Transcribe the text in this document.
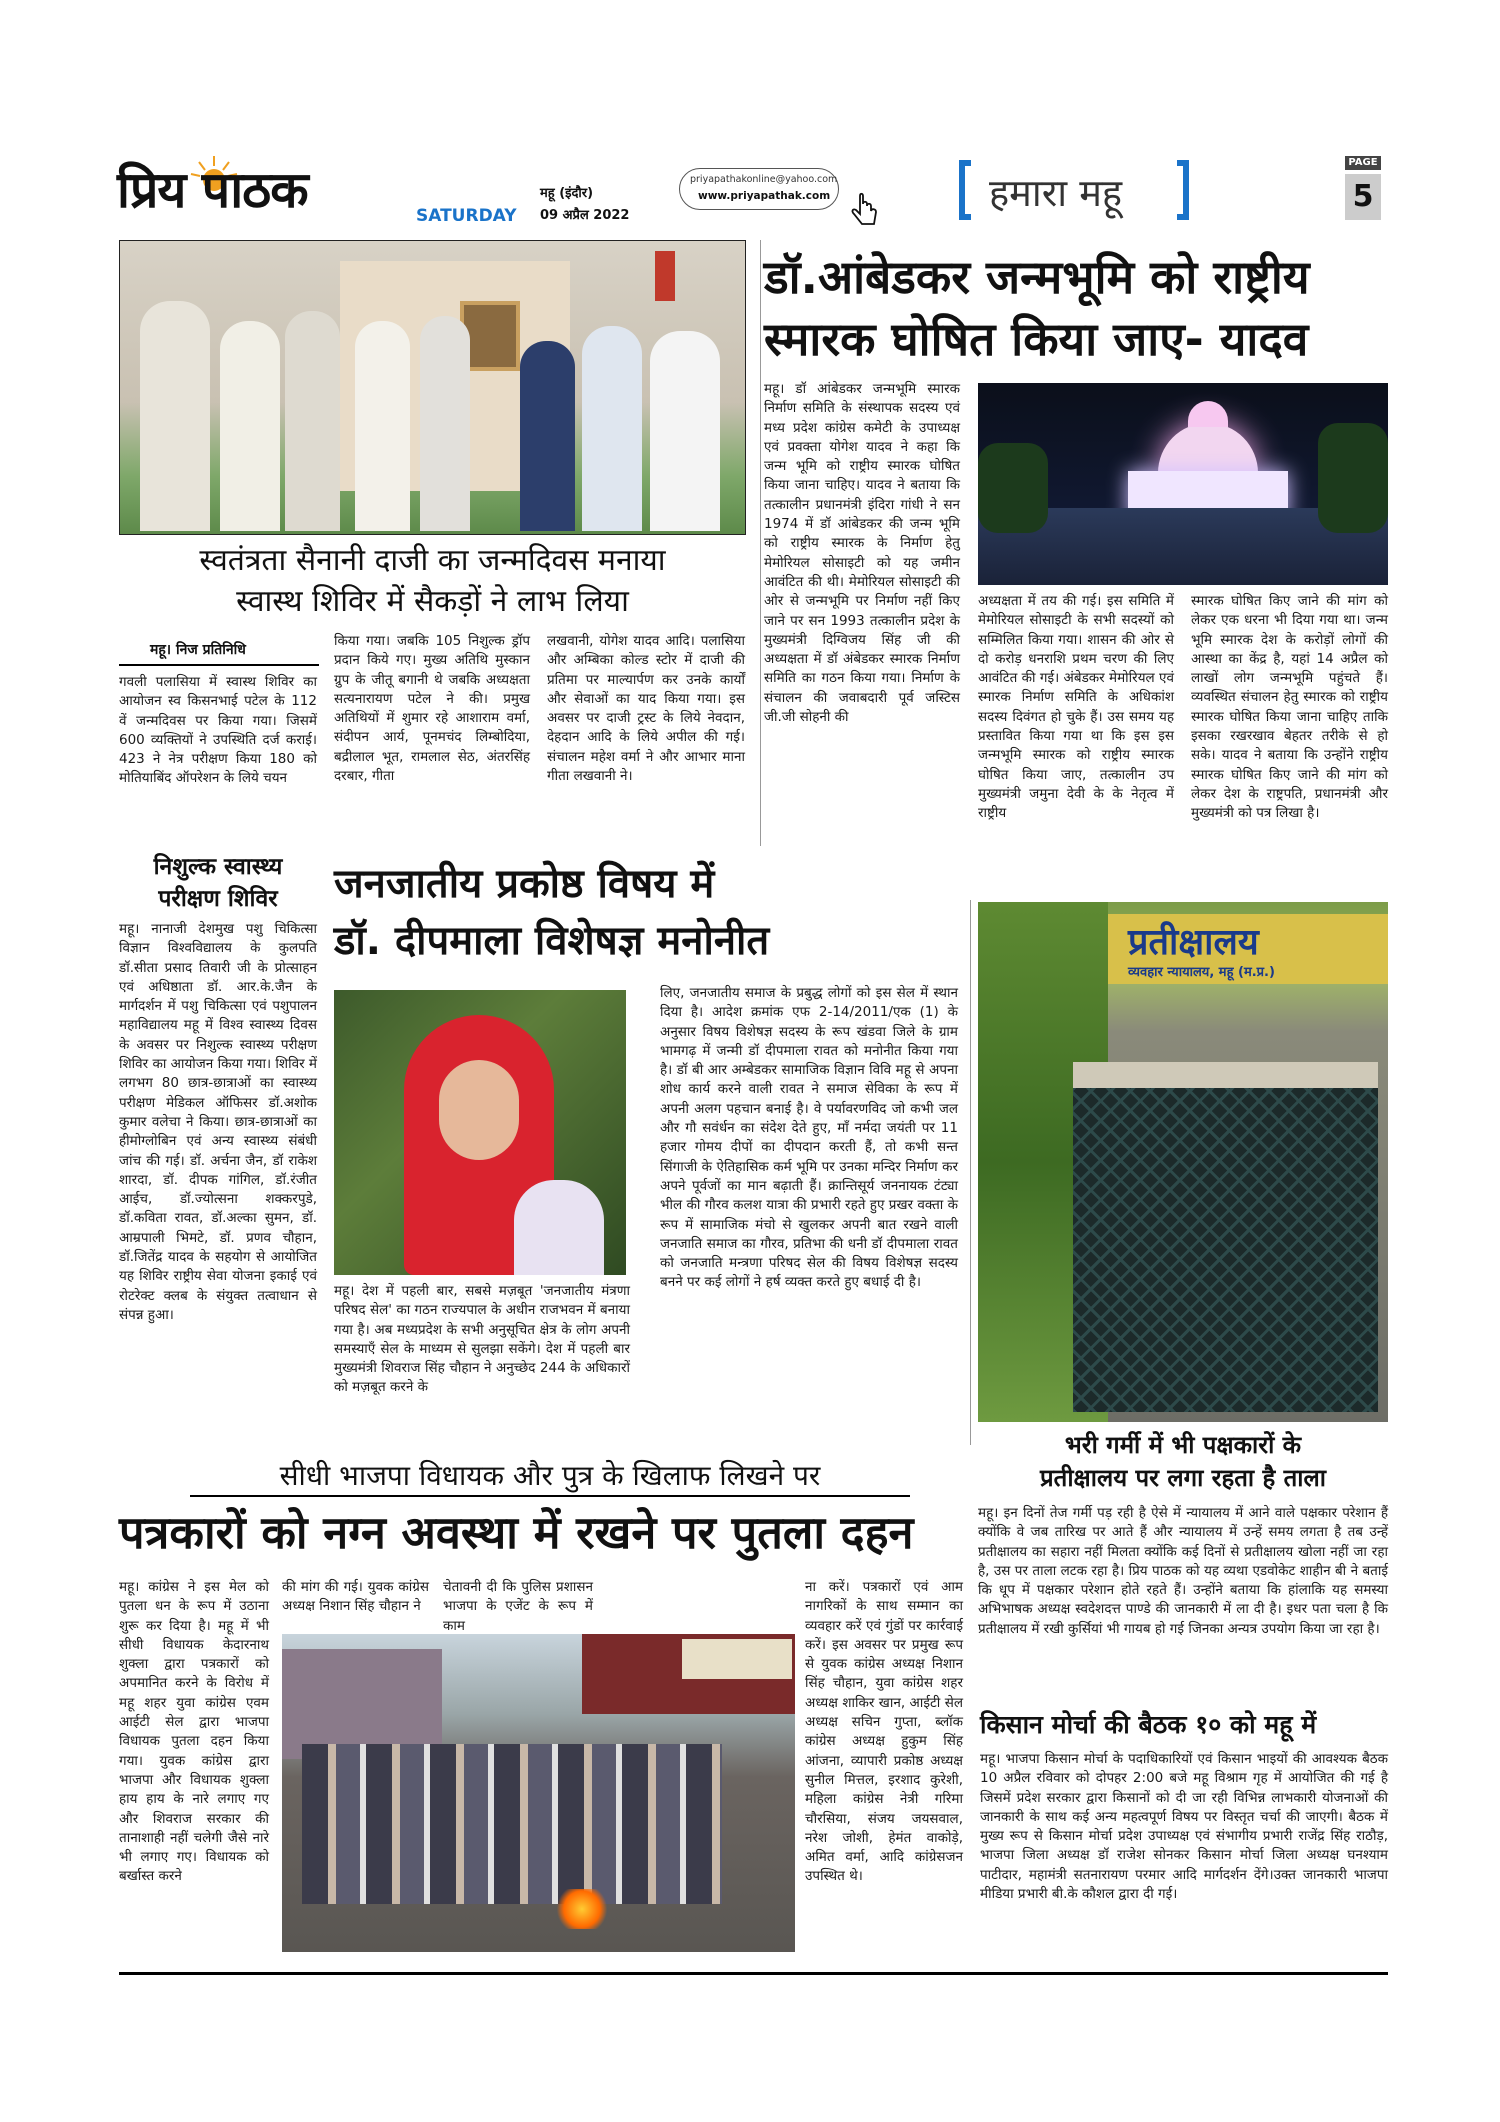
प्रिय पाठक	SATURDAY
महू (इंदौर)
09 अप्रैल 2022
priyapathakonline@yahoo.com
www.priyapathak.com	हमारा महू
PAGE
5
स्वतंत्रता सैनानी दाजी का जन्मदिवस मनाया
स्वास्थ शिविर में सैकड़ों ने लाभ लिया
महू। निज प्रतिनिधि
गवली पलासिया में स्वास्थ शिविर का आयोजन स्व किसनभाई पटेल के 112 वें जन्मदिवस पर किया गया। जिसमें 600 व्यक्तियों ने उपस्थिति दर्ज कराई। 423 ने नेत्र परीक्षण किया 180 को मोतियाबिंद ऑपरेशन के लिये चयन
किया गया। जबकि 105 निशुल्क ड्रॉप प्रदान किये गए। मुख्य अतिथि मुस्कान ग्रुप के जीतू बगानी थे जबकि अध्यक्षता सत्यनारायण पटेल ने की। प्रमुख अतिथियों में शुमार रहे आशाराम वर्मा, संदीपन आर्य, पूनमचंद लिम्बोदिया, बद्रीलाल भूत, रामलाल सेठ, अंतरसिंह दरबार, गीता
लखवानी, योगेश यादव आदि। पलासिया और अम्बिका कोल्ड स्टोर में दाजी की प्रतिमा पर माल्यार्पण कर उनके कार्यों और सेवाओं का याद किया गया। इस अवसर पर दाजी ट्रस्ट के लिये नेवदान, देहदान आदि के लिये अपील की गई। संचालन महेश वर्मा ने और आभार माना गीता लखवानी ने।
डॉ.आंबेडकर जन्मभूमि को राष्ट्रीय
स्मारक घोषित किया जाए- यादव
महू। डॉ आंबेडकर जन्मभूमि स्मारक निर्माण समिति के संस्थापक सदस्य एवं मध्य प्रदेश कांग्रेस कमेटी के उपाध्यक्ष एवं प्रवक्ता योगेश यादव ने कहा कि जन्म भूमि को राष्ट्रीय स्मारक घोषित किया जाना चाहिए। यादव ने बताया कि तत्कालीन प्रधानमंत्री इंदिरा गांधी ने सन 1974 में डॉ आंबेडकर की जन्म भूमि को राष्ट्रीय स्मारक के निर्माण हेतु मेमोरियल सोसाइटी को यह जमीन आवंटित की थी। मेमोरियल सोसाइटी की ओर से जन्मभूमि पर निर्माण नहीं किए जाने पर सन 1993 तत्कालीन प्रदेश के मुख्यमंत्री दिग्विजय सिंह जी की अध्यक्षता में डॉ अंबेडकर स्मारक निर्माण समिति का गठन किया गया। निर्माण के संचालन की जवाबदारी पूर्व जस्टिस जी.जी सोहनी की
अध्यक्षता में तय की गई। इस समिति में मेमोरियल सोसाइटी के सभी सदस्यों को सम्मिलित किया गया। शासन की ओर से दो करोड़ धनराशि प्रथम चरण की लिए आवंटित की गई। अंबेडकर मेमोरियल एवं स्मारक निर्माण समिति के अधिकांश सदस्य दिवंगत हो चुके हैं। उस समय यह प्रस्तावित किया गया था कि इस इस जन्मभूमि स्मारक को राष्ट्रीय स्मारक घोषित किया जाए, तत्कालीन उप मुख्यमंत्री जमुना देवी के के नेतृत्व में राष्ट्रीय
स्मारक घोषित किए जाने की मांग को लेकर एक धरना भी दिया गया था। जन्म भूमि स्मारक देश के करोड़ों लोगों की आस्था का केंद्र है, यहां 14 अप्रैल को लाखों लोग जन्मभूमि पहुंचते हैं। व्यवस्थित संचालन हेतु स्मारक को राष्ट्रीय स्मारक घोषित किया जाना चाहिए ताकि इसका रखरखाव बेहतर तरीके से हो सके। यादव ने बताया कि उन्होंने राष्ट्रीय स्मारक घोषित किए जाने की मांग को लेकर देश के राष्ट्रपति, प्रधानमंत्री और मुख्यमंत्री को पत्र लिखा है।
निशुल्क स्वास्थ्य
परीक्षण शिविर
महू। नानाजी देशमुख पशु चिकित्सा विज्ञान विश्वविद्यालय के कुलपति डॉ.सीता प्रसाद तिवारी जी के प्रोत्साहन एवं अधिष्ठाता डॉ. आर.के.जैन के मार्गदर्शन में पशु चिकित्सा एवं पशुपालन महाविद्यालय महू में विश्व स्वास्थ्य दिवस के अवसर पर निशुल्क स्वास्थ्य परीक्षण शिविर का आयोजन किया गया। शिविर में लगभग 80 छात्र-छात्राओं का स्वास्थ्य परीक्षण मेडिकल ऑफिसर डॉ.अशोक कुमार वलेचा ने किया। छात्र-छात्राओं का हीमोग्लोबिन एवं अन्य स्वास्थ्य संबंधी जांच की गई। डॉ. अर्चना जैन, डॉ राकेश शारदा, डॉ. दीपक गांगिल, डॉ.रंजीत आईच, डॉ.ज्योत्सना शक्करपुडे, डॉ.कविता रावत, डॉ.अल्का सुमन, डॉ. आम्रपाली भिमटे, डॉ. प्रणव चौहान, डॉ.जितेंद्र यादव के सहयोग से आयोजित यह शिविर राष्ट्रीय सेवा योजना इकाई एवं रोटरेक्ट क्लब के संयुक्त तत्वाधान से संपन्न हुआ।
जनजातीय प्रकोष्ठ विषय में
डॉ. दीपमाला विशेषज्ञ मनोनीत
महू। देश में पहली बार, सबसे मज़बूत 'जनजातीय मंत्रणा परिषद सेल' का गठन राज्यपाल के अधीन राजभवन में बनाया गया है। अब मध्यप्रदेश के सभी अनुसूचित क्षेत्र के लोग अपनी समस्याएँ सेल के माध्यम से सुलझा सकेंगे। देश में पहली बार मुख्यमंत्री शिवराज सिंह चौहान ने अनुच्छेद 244 के अधिकारों को मज़बूत करने के
लिए, जनजातीय समाज के प्रबुद्ध लोगों को इस सेल में स्थान दिया है। आदेश क्रमांक एफ 2-14/2011/एक (1) के अनुसार विषय विशेषज्ञ सदस्य के रूप खंडवा जिले के ग्राम भामगढ़ में जन्मी डॉ दीपमाला रावत को मनोनीत किया गया है। डॉ बी आर अम्बेडकर सामाजिक विज्ञान विवि महू से अपना शोध कार्य करने वाली रावत ने समाज सेविका के रूप में अपनी अलग पहचान बनाई है। वे पर्यावरणविद जो कभी जल और गौ सवंर्धन का संदेश देते हुए, माँ नर्मदा जयंती पर 11 हजार गोमय दीपों का दीपदान करती हैं, तो कभी सन्त सिंगाजी के ऐतिहासिक कर्म भूमि पर उनका मन्दिर निर्माण कर अपने पूर्वजों का मान बढ़ाती हैं। क्रान्तिसूर्य जननायक टंट्या भील की गौरव कलश यात्रा की प्रभारी रहते हुए प्रखर वक्ता के रूप में सामाजिक मंचो से खुलकर अपनी बात रखने वाली जनजाति समाज का गौरव, प्रतिभा की धनी डॉ दीपमाला रावत को जनजाति मन्त्रणा परिषद सेल की विषय विशेषज्ञ सदस्य बनने पर कई लोगों ने हर्ष व्यक्त करते हुए बधाई दी है।
प्रतीक्षालय
व्यवहार न्यायालय, महू (म.प्र.)
भरी गर्मी में भी पक्षकारों के
प्रतीक्षालय पर लगा रहता है ताला
महू। इन दिनों तेज गर्मी पड़ रही है ऐसे में न्यायालय में आने वाले पक्षकार परेशान हैं क्योंकि वे जब तारिख पर आते हैं और न्यायालय में उन्हें समय लगता है तब उन्हें प्रतीक्षालय का सहारा नहीं मिलता क्योंकि कई दिनों से प्रतीक्षालय खोला नहीं जा रहा है, उस पर ताला लटक रहा है। प्रिय पाठक को यह व्यथा एडवोकेट शाहीन बी ने बताई कि धूप में पक्षकार परेशान होते रहते हैं। उन्होंने बताया कि हांलाकि यह समस्या अभिभाषक अध्यक्ष स्वदेशदत्त पाण्डे की जानकारी में ला दी है। इधर पता चला है कि प्रतीक्षालय में रखी कुर्सियां भी गायब हो गई जिनका अन्यत्र उपयोग किया जा रहा है।
सीधी भाजपा विधायक और पुत्र के खिलाफ लिखने पर
पत्रकारों को नग्न अवस्था में रखने पर पुतला दहन
महू। कांग्रेस ने इस मेल को पुतला धन के रूप में उठाना शुरू कर दिया है। महू में भी सीधी विधायक केदारनाथ शुक्ला द्वारा पत्रकारों को अपमानित करने के विरोध में महू शहर युवा कांग्रेस एवम आईटी सेल द्वारा भाजपा विधायक पुतला दहन किया गया। युवक कांग्रेस द्वारा भाजपा और विधायक शुक्ला हाय हाय के नारे लगाए गए और शिवराज सरकार की तानाशाही नहीं चलेगी जैसे नारे भी लगाए गए। विधायक को बर्खास्त करने
की मांग की गई। युवक कांग्रेस अध्यक्ष निशान सिंह चौहान ने
चेतावनी दी कि पुलिस प्रशासन भाजपा के एजेंट के रूप में काम
ना करें। पत्रकारों एवं आम नागरिकों के साथ सम्मान का व्यवहार करें एवं गुंडों पर कार्रवाई करें। इस अवसर पर प्रमुख रूप से युवक कांग्रेस अध्यक्ष निशान सिंह चौहान, युवा कांग्रेस शहर अध्यक्ष शाकिर खान, आईटी सेल अध्यक्ष सचिन गुप्ता, ब्लॉक कांग्रेस अध्यक्ष हुकुम सिंह आंजना, व्यापारी प्रकोष्ठ अध्यक्ष सुनील मित्तल, इरशाद कुरेशी, महिला कांग्रेस नेत्री गरिमा चौरसिया, संजय जयसवाल, नरेश जोशी, हेमंत वाकोड़े, अमित वर्मा, आदि कांग्रेसजन उपस्थित थे।
किसान मोर्चा की बैठक १० को महू में
महू। भाजपा किसान मोर्चा के पदाधिकारियों एवं किसान भाइयों की आवश्यक बैठक 10 अप्रैल रविवार को दोपहर 2:00 बजे महू विश्राम गृह में आयोजित की गई है जिसमें प्रदेश सरकार द्वारा किसानों को दी जा रही विभिन्न लाभकारी योजनाओं की जानकारी के साथ कई अन्य महत्वपूर्ण विषय पर विस्तृत चर्चा की जाएगी। बैठक में मुख्य रूप से किसान मोर्चा प्रदेश उपाध्यक्ष एवं संभागीय प्रभारी राजेंद्र सिंह राठौड़, भाजपा जिला अध्यक्ष डॉ राजेश सोनकर किसान मोर्चा जिला अध्यक्ष घनश्याम पाटीदार, महामंत्री सतनारायण परमार आदि मार्गदर्शन देंगे।उक्त जानकारी भाजपा मीडिया प्रभारी बी.के कौशल द्वारा दी गई।
